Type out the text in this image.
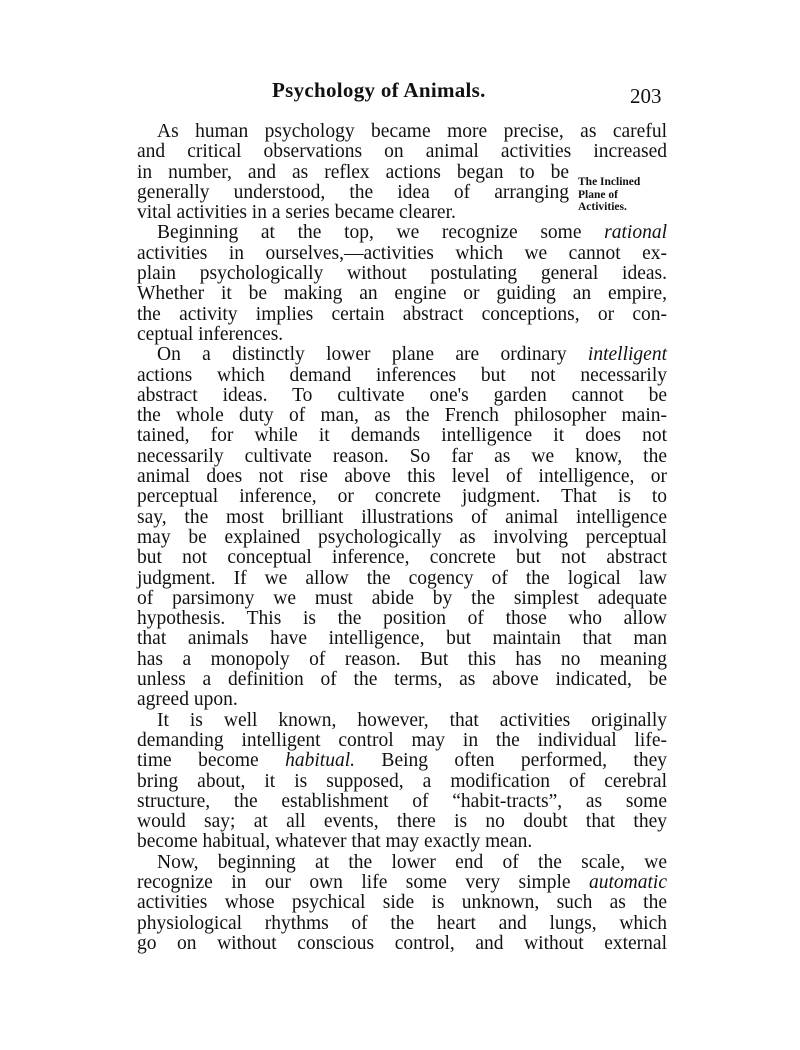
Psychology of Animals.	203
The Inclined
Plane of
Activities.
As human psychology became more precise, as careful
and critical observations on animal activities increased
in number, and as reflex actions began to be
generally understood, the idea of arranging
vital activities in a series became clearer.
Beginning at the top, we recognize some rational
activities in ourselves,—activities which we cannot ex-
plain psychologically without postulating general ideas.
Whether it be making an engine or guiding an empire,
the activity implies certain abstract conceptions, or con-
ceptual inferences.
On a distinctly lower plane are ordinary intelligent
actions which demand inferences but not necessarily
abstract ideas. To cultivate one's garden cannot be
the whole duty of man, as the French philosopher main-
tained, for while it demands intelligence it does not
necessarily cultivate reason. So far as we know, the
animal does not rise above this level of intelligence, or
perceptual inference, or concrete judgment. That is to
say, the most brilliant illustrations of animal intelligence
may be explained psychologically as involving perceptual
but not conceptual inference, concrete but not abstract
judgment. If we allow the cogency of the logical law
of parsimony we must abide by the simplest adequate
hypothesis. This is the position of those who allow
that animals have intelligence, but maintain that man
has a monopoly of reason. But this has no meaning
unless a definition of the terms, as above indicated, be
agreed upon.
It is well known, however, that activities originally
demanding intelligent control may in the individual life-
time become habitual. Being often performed, they
bring about, it is supposed, a modification of cerebral
structure, the establishment of “habit-tracts”, as some
would say; at all events, there is no doubt that they
become habitual, whatever that may exactly mean.
Now, beginning at the lower end of the scale, we
recognize in our own life some very simple automatic
activities whose psychical side is unknown, such as the
physiological rhythms of the heart and lungs, which
go on without conscious control, and without external
